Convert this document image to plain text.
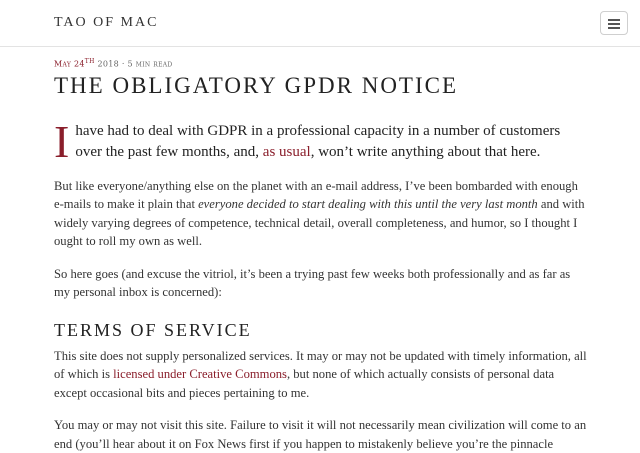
TAO OF MAC
May 24TH 2018 · 5 min read
THE OBLIGATORY GPDR NOTICE
I have had to deal with GDPR in a professional capacity in a number of customers over the past few months, and, as usual, won’t write anything about that here.

But like everyone/anything else on the planet with an e-mail address, I’ve been bombarded with enough e-mails to make it plain that everyone decided to start dealing with this until the very last month and with widely varying degrees of competence, technical detail, overall completeness, and humor, so I thought I ought to roll my own as well.

So here goes (and excuse the vitriol, it’s been a trying past few weeks both professionally and as far as my personal inbox is concerned):

TERMS OF SERVICE

This site does not supply personalized services. It may or may not be updated with timely information, all of which is licensed under Creative Commons, but none of which actually consists of personal data except occasional bits and pieces pertaining to me.

You may or may not visit this site. Failure to visit it will not necessarily mean civilization will come to an end (you’ll hear about it on Fox News first if you happen to mistakenly believe you’re the pinnacle
